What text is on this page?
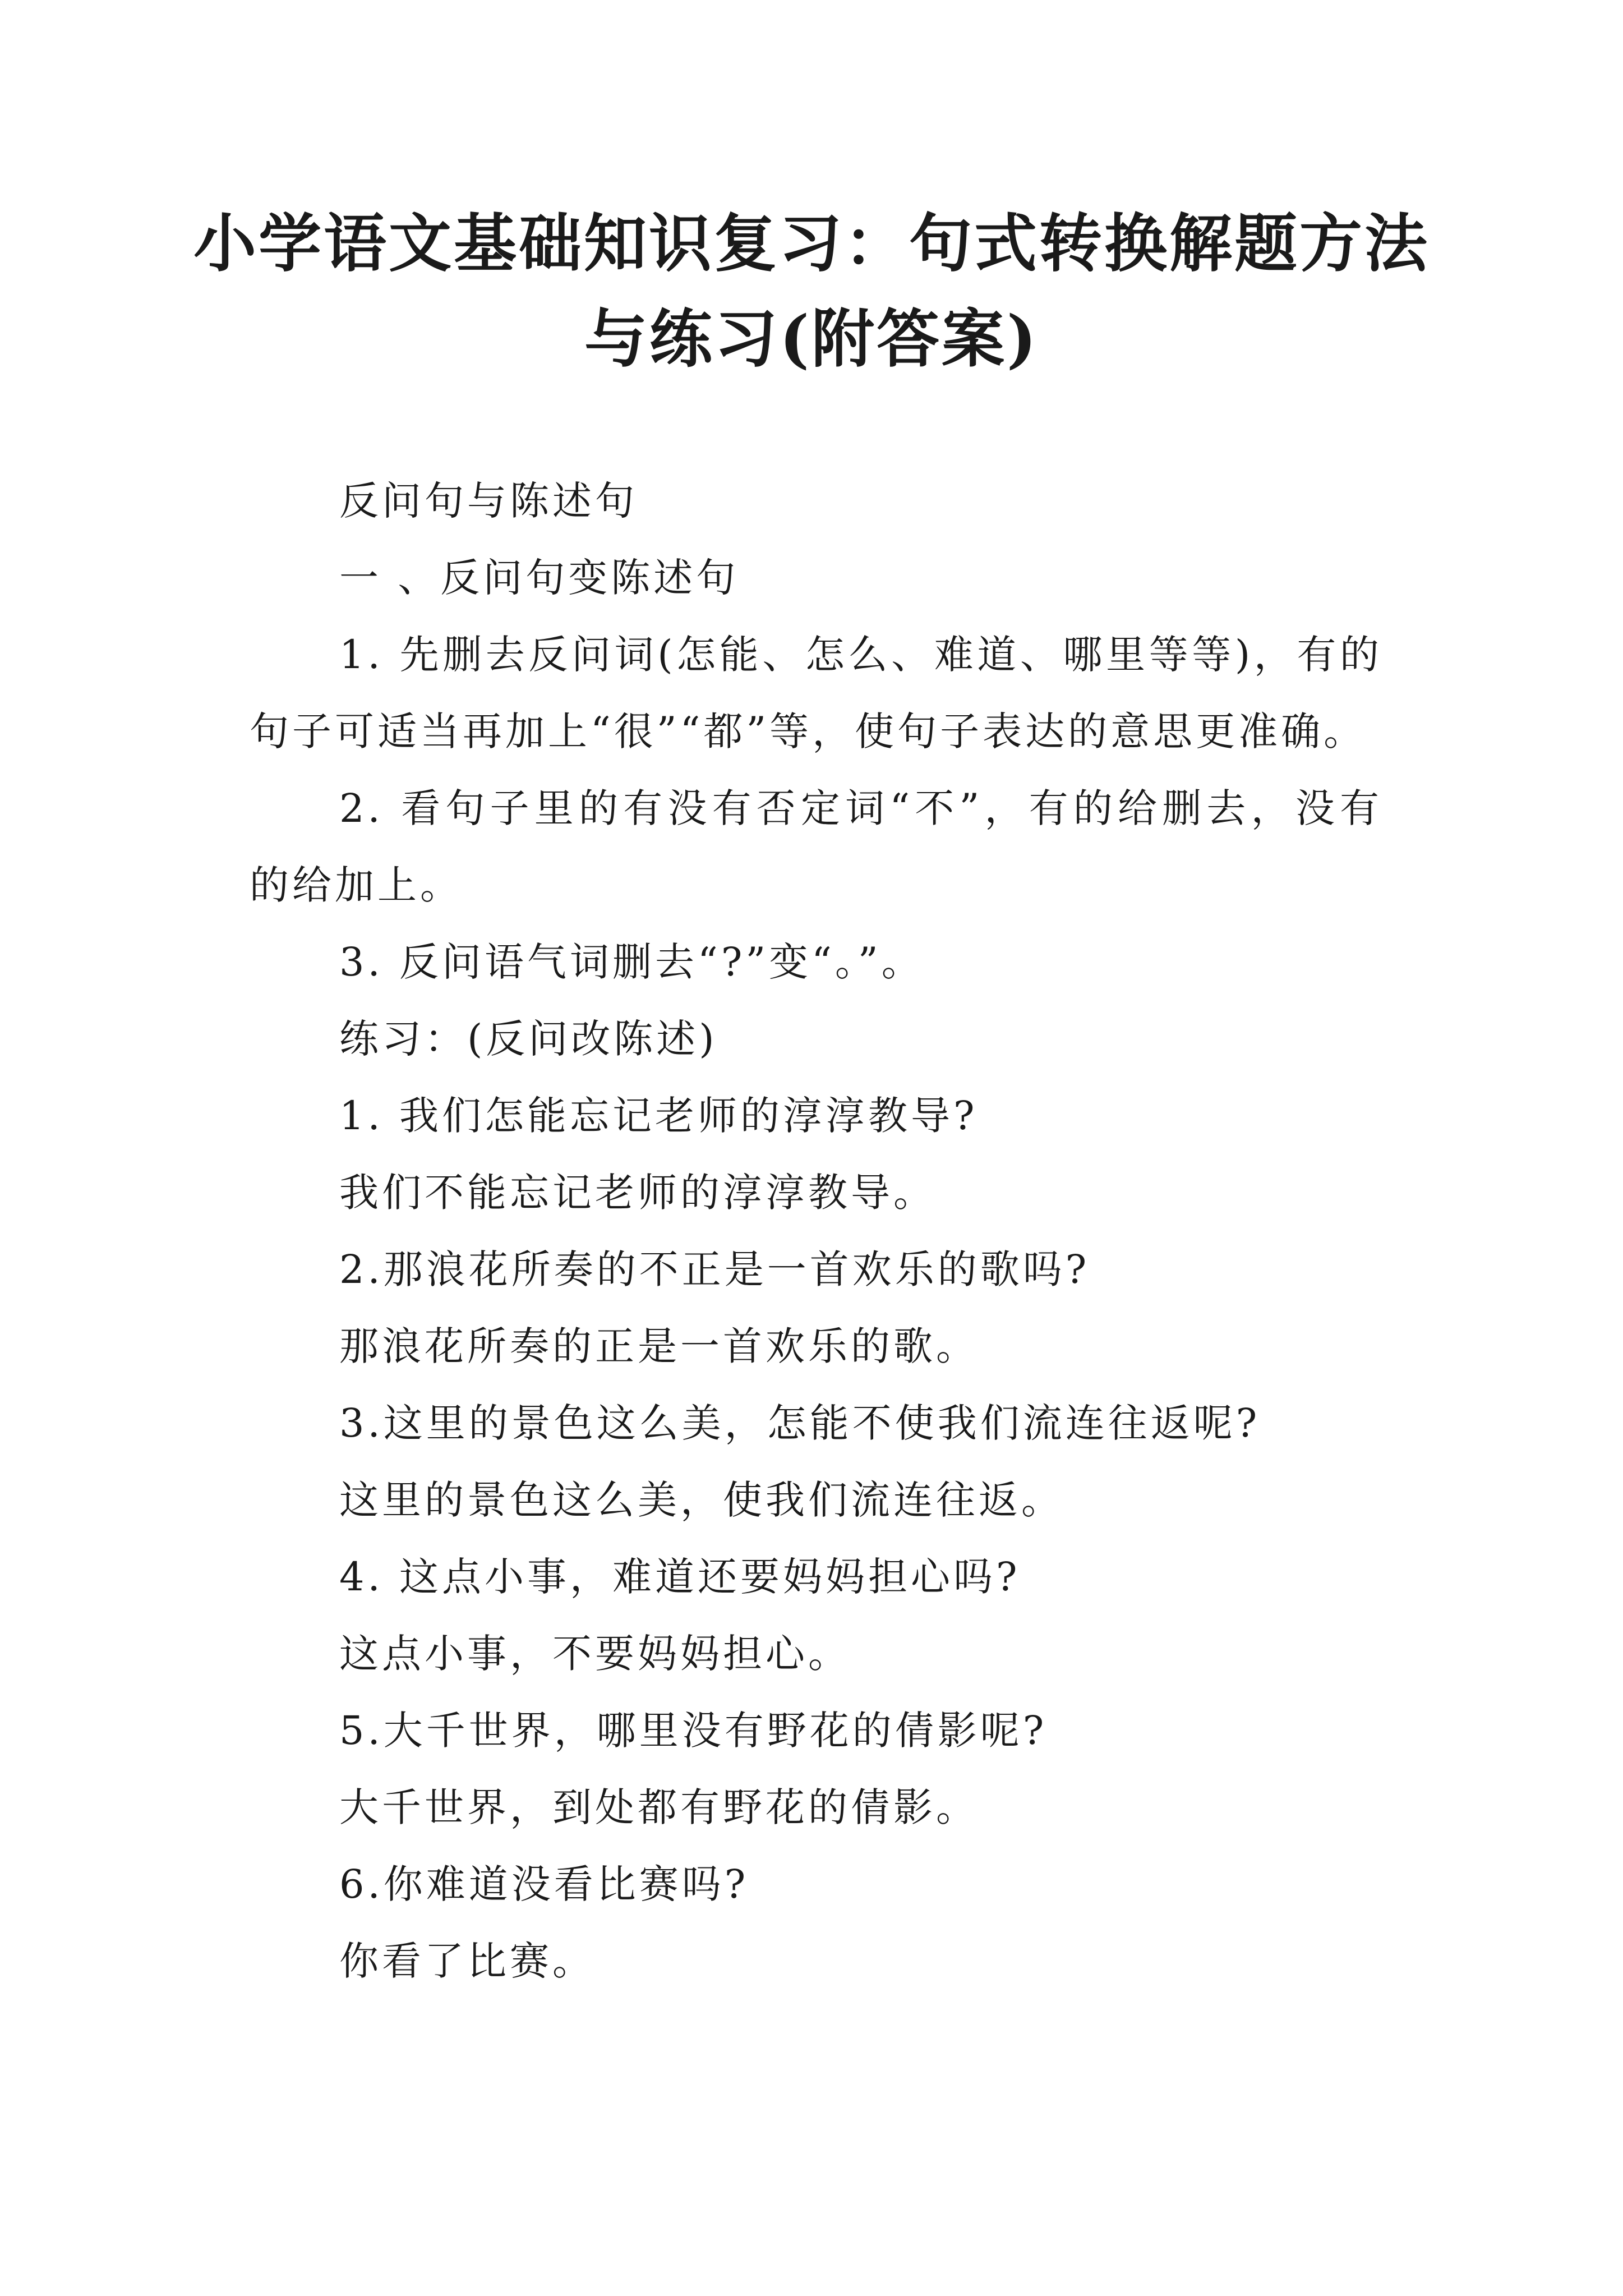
小学语文基础知识复习：句式转换解题方法
与练习(附答案)

反问句与陈述句

一 、反问句变陈述句

1. 先删去反问词(怎能、怎么、难道、哪里等等)，有的句子可适当再加上“很”“都”等，使句子表达的意思更准确。

2. 看句子里的有没有否定词“不”，有的给删去，没有的给加上。

3. 反问语气词删去“?”变“。”。

练习：(反问改陈述)

1. 我们怎能忘记老师的淳淳教导?

我们不能忘记老师的淳淳教导。

2.那浪花所奏的不正是一首欢乐的歌吗?

那浪花所奏的正是一首欢乐的歌。

3.这里的景色这么美，怎能不使我们流连往返呢?

这里的景色这么美，使我们流连往返。

4. 这点小事，难道还要妈妈担心吗?

这点小事，不要妈妈担心。

5.大千世界，哪里没有野花的倩影呢?

大千世界，到处都有野花的倩影。

6.你难道没看比赛吗?

你看了比赛。
